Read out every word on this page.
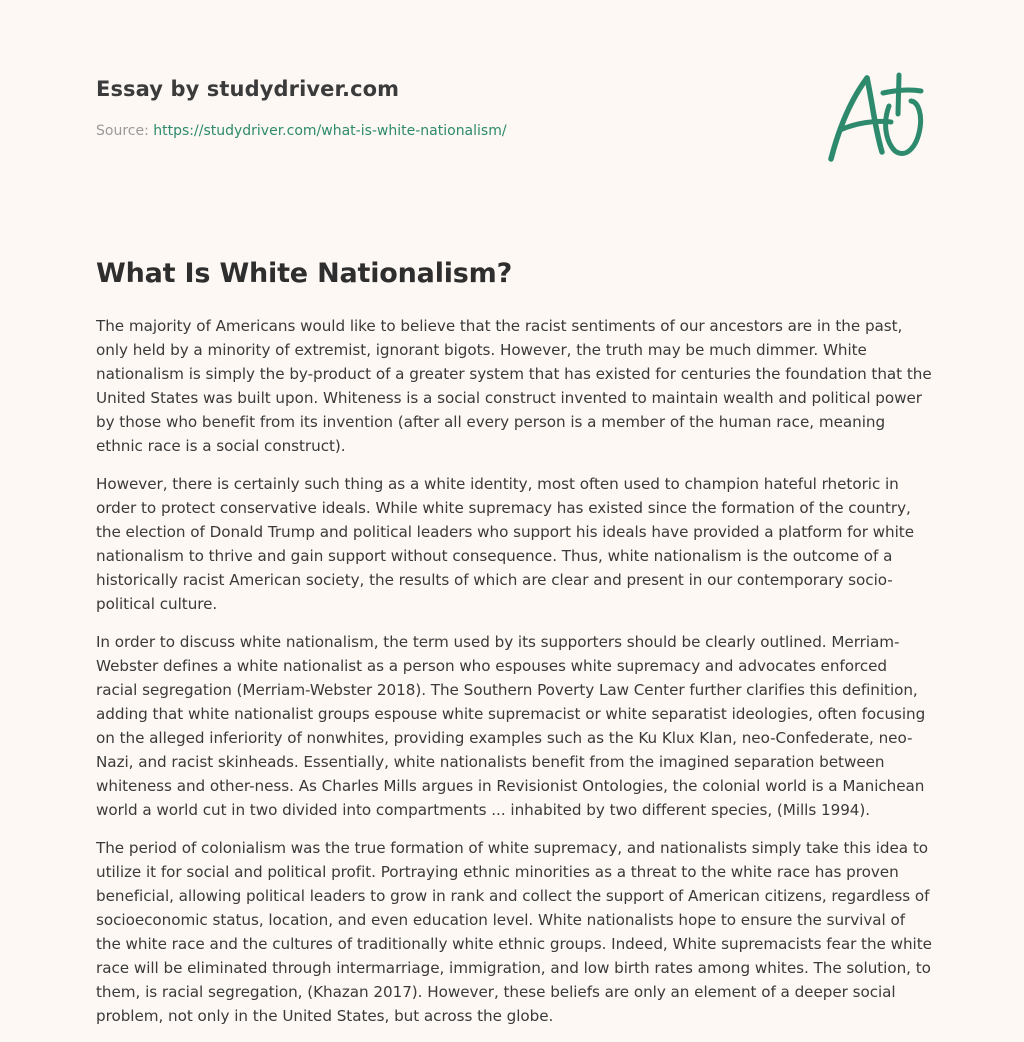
Essay by studydriver.com
Source: https://studydriver.com/what-is-white-nationalism/
What Is White Nationalism?

The majority of Americans would like to believe that the racist sentiments of our ancestors are in the past, only held by a minority of extremist, ignorant bigots. However, the truth may be much dimmer. White nationalism is simply the by-product of a greater system that has existed for centuries the foundation that the United States was built upon. Whiteness is a social construct invented to maintain wealth and political power by those who benefit from its invention (after all every person is a member of the human race, meaning ethnic race is a social construct).

However, there is certainly such thing as a white identity, most often used to champion hateful rhetoric in order to protect conservative ideals. While white supremacy has existed since the formation of the country, the election of Donald Trump and political leaders who support his ideals have provided a platform for white nationalism to thrive and gain support without consequence. Thus, white nationalism is the outcome of a historically racist American society, the results of which are clear and present in our contemporary socio-political culture.

In order to discuss white nationalism, the term used by its supporters should be clearly outlined. Merriam-Webster defines a white nationalist as a person who espouses white supremacy and advocates enforced racial segregation (Merriam-Webster 2018). The Southern Poverty Law Center further clarifies this definition, adding that white nationalist groups espouse white supremacist or white separatist ideologies, often focusing on the alleged inferiority of nonwhites, providing examples such as the Ku Klux Klan, neo-Confederate, neo-Nazi, and racist skinheads. Essentially, white nationalists benefit from the imagined separation between whiteness and other-ness. As Charles Mills argues in Revisionist Ontologies, the colonial world is a Manichean world a world cut in two divided into compartments ... inhabited by two different species, (Mills 1994).

The period of colonialism was the true formation of white supremacy, and nationalists simply take this idea to utilize it for social and political profit. Portraying ethnic minorities as a threat to the white race has proven beneficial, allowing political leaders to grow in rank and collect the support of American citizens, regardless of socioeconomic status, location, and even education level. White nationalists hope to ensure the survival of the white race and the cultures of traditionally white ethnic groups. Indeed, White supremacists fear the white race will be eliminated through intermarriage, immigration, and low birth rates among whites. The solution, to them, is racial segregation, (Khazan 2017). However, these beliefs are only an element of a deeper social problem, not only in the United States, but across the globe.
